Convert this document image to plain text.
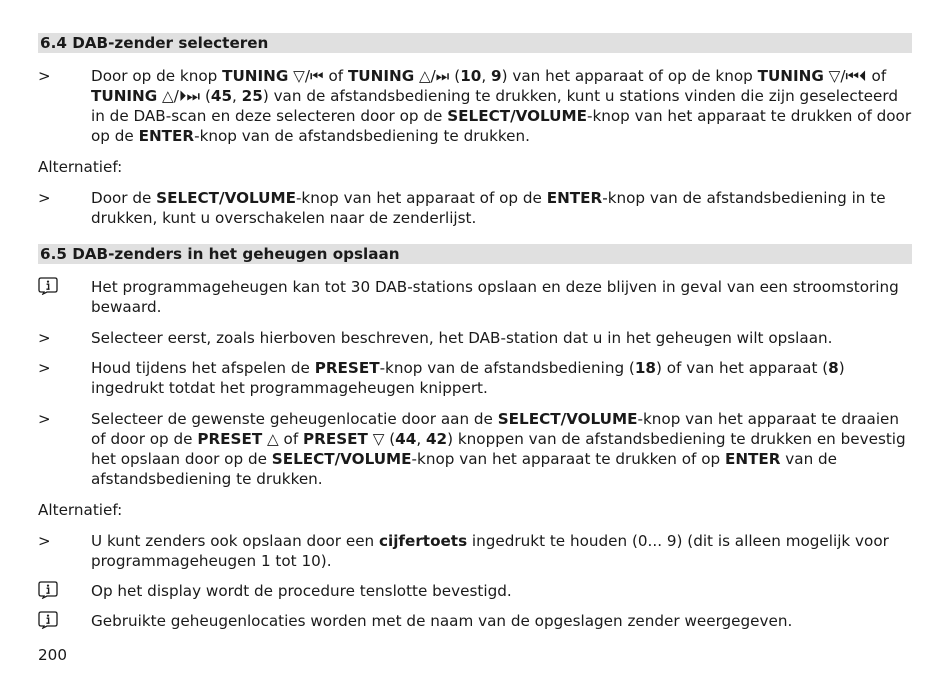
6.4 DAB-zender selecteren
>	Door op de knop TUNING ▽/⏮ of TUNING △/⏭ (10, 9) van het apparaat of op de knop TUNING ▽/⏮⏴ of TUNING △/⏵⏭ (45, 25) van de afstandsbediening te drukken, kunt u stations vinden die zijn geselecteerd in de DAB-scan en deze selecteren door op de SELECT/VOLUME-knop van het apparaat te drukken of door op de ENTER-knop van de afstandsbediening te drukken.
Alternatief:
>	Door de SELECT/VOLUME-knop van het apparaat of op de ENTER-knop van de afstandsbediening in te drukken, kunt u overschakelen naar de zenderlijst.
6.5 DAB-zenders in het geheugen opslaan
Het programmageheugen kan tot 30 DAB-stations opslaan en deze blijven in geval van een stroomstoring bewaard.
>	Selecteer eerst, zoals hierboven beschreven, het DAB-station dat u in het geheugen wilt opslaan.
>	Houd tijdens het afspelen de PRESET-knop van de afstandsbediening (18) of van het apparaat (8) ingedrukt totdat het programmageheugen knippert.
>	Selecteer de gewenste geheugenlocatie door aan de SELECT/VOLUME-knop van het apparaat te draaien of door op de PRESET △ of PRESET ▽ (44, 42) knoppen van de afstandsbediening te drukken en bevestig het opslaan door op de SELECT/VOLUME-knop van het apparaat te drukken of op ENTER van de afstandsbediening te drukken.
Alternatief:
>	U kunt zenders ook opslaan door een cijfertoets ingedrukt te houden (0... 9) (dit is alleen mogelijk voor programmageheugen 1 tot 10).
Op het display wordt de procedure tenslotte bevestigd.
Gebruikte geheugenlocaties worden met de naam van de opgeslagen zender weergegeven.
200
